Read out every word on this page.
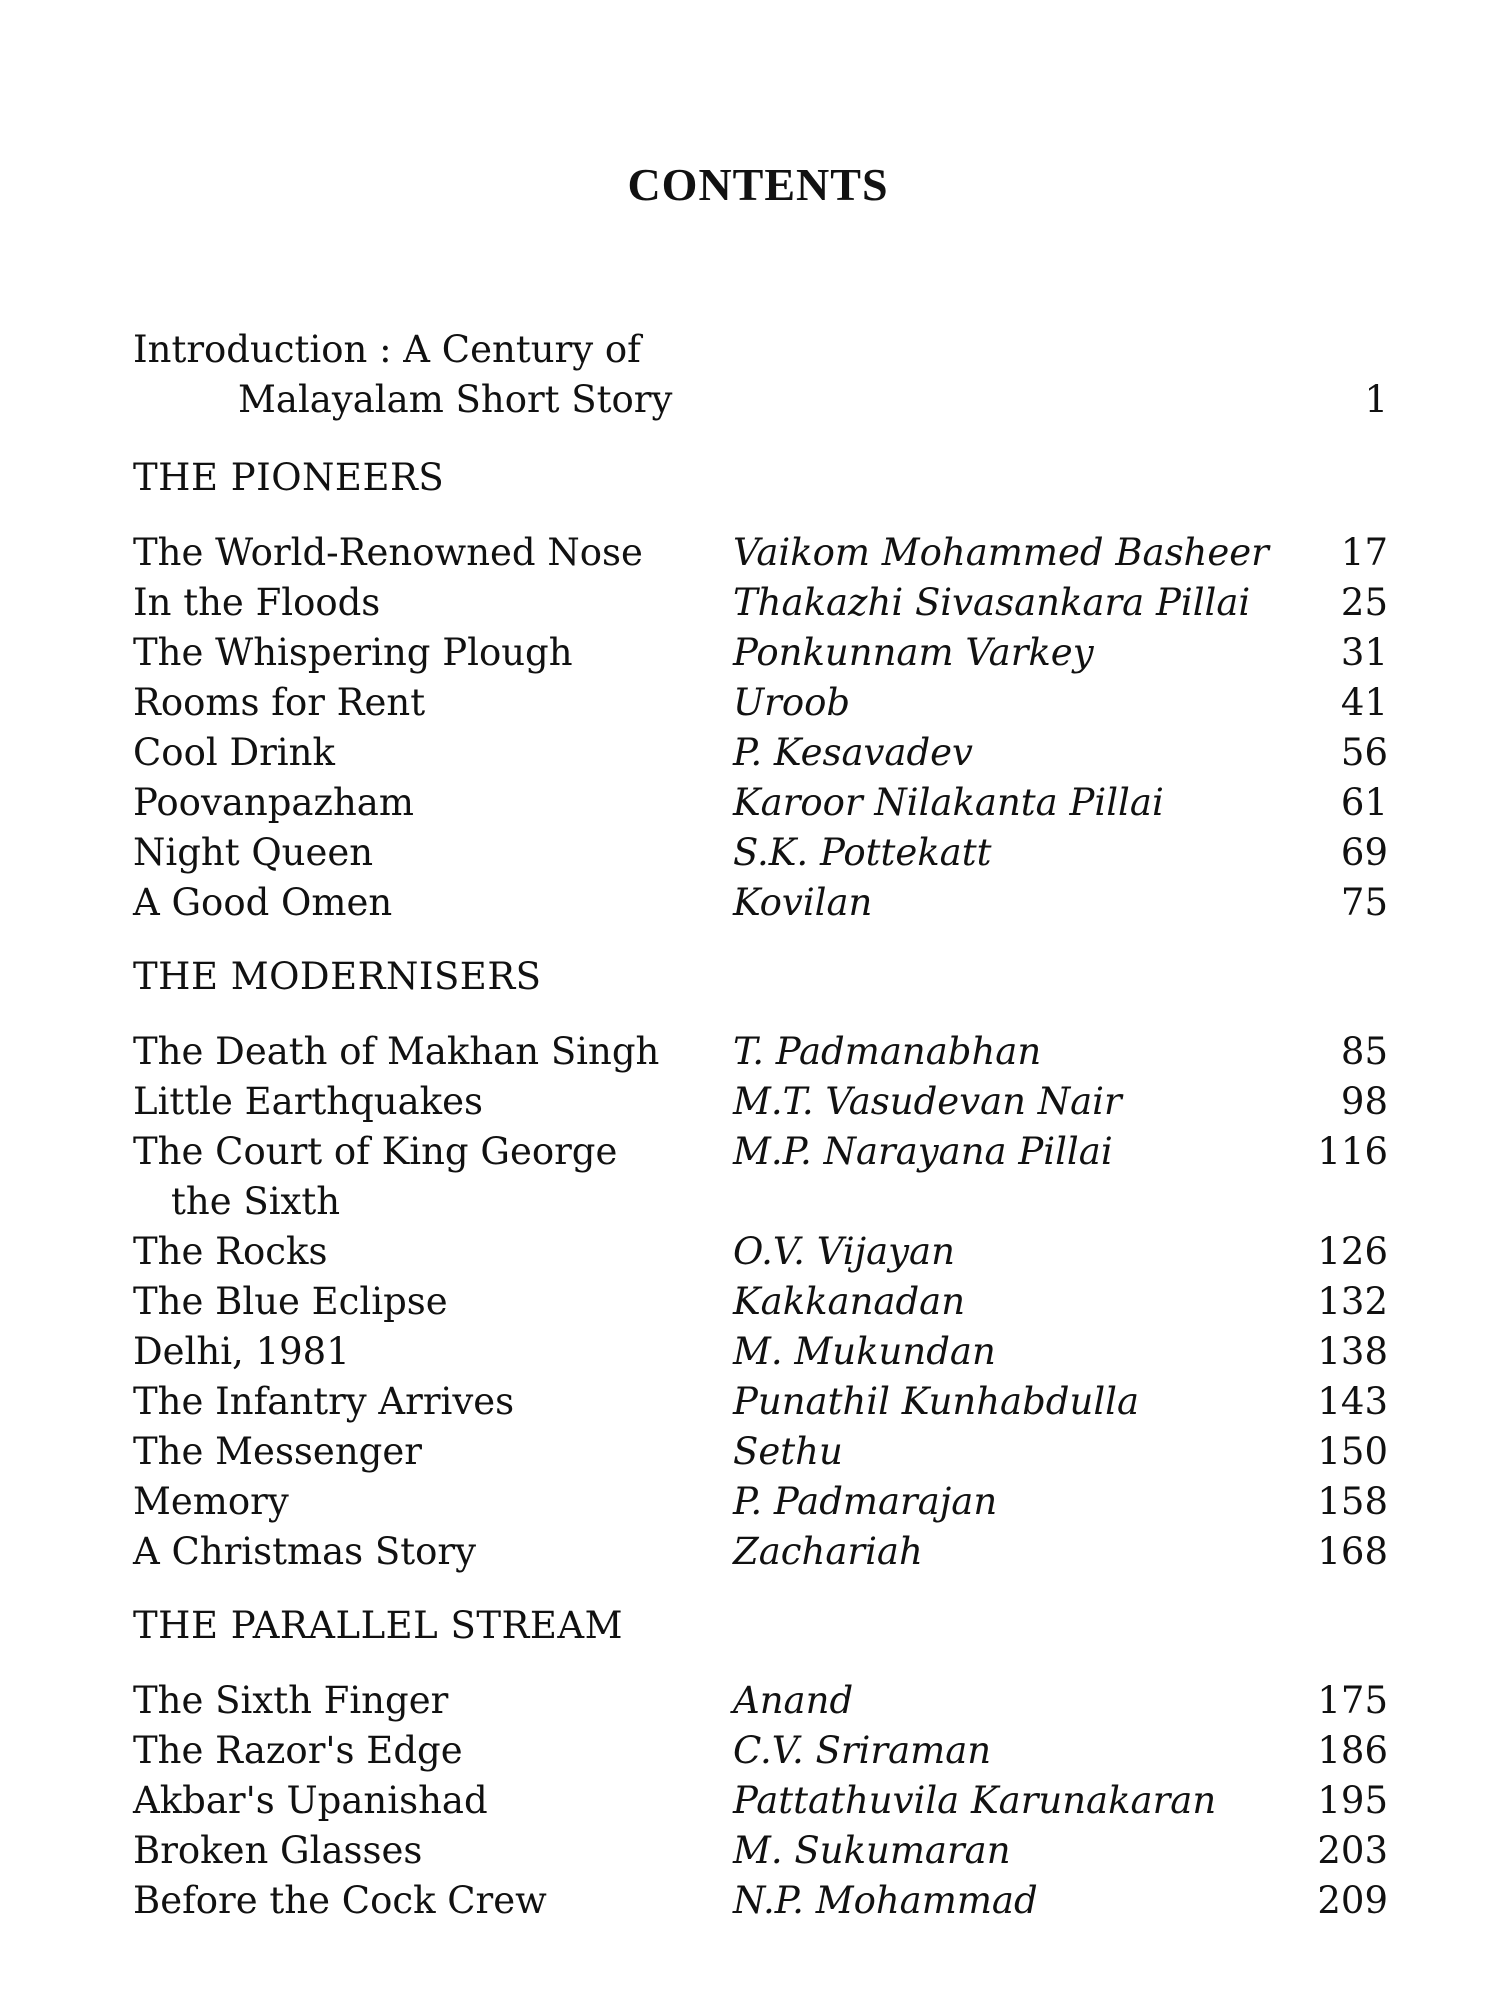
CONTENTS
Introduction : A Century of
Malayalam Short Story	1
THE PIONEERS
The World-Renowned Nose	Vaikom Mohammed Basheer	17
In the Floods	Thakazhi Sivasankara Pillai	25
The Whispering Plough	Ponkunnam Varkey	31
Rooms for Rent	Uroob	41
Cool Drink	P. Kesavadev	56
Poovanpazham	Karoor Nilakanta Pillai	61
Night Queen	S.K. Pottekatt	69
A Good Omen	Kovilan	75
THE MODERNISERS
The Death of Makhan Singh	T. Padmanabhan	85
Little Earthquakes	M.T. Vasudevan Nair	98
The Court of King George
the Sixth
M.P. Narayana Pillai	116
The Rocks	O.V. Vijayan	126
The Blue Eclipse	Kakkanadan	132
Delhi, 1981	M. Mukundan	138
The Infantry Arrives	Punathil Kunhabdulla	143
The Messenger	Sethu	150
Memory	P. Padmarajan	158
A Christmas Story	Zachariah	168
THE PARALLEL STREAM
The Sixth Finger	Anand	175
The Razor's Edge	C.V. Sriraman	186
Akbar's Upanishad	Pattathuvila Karunakaran	195
Broken Glasses	M. Sukumaran	203
Before the Cock Crew	N.P. Mohammad	209
